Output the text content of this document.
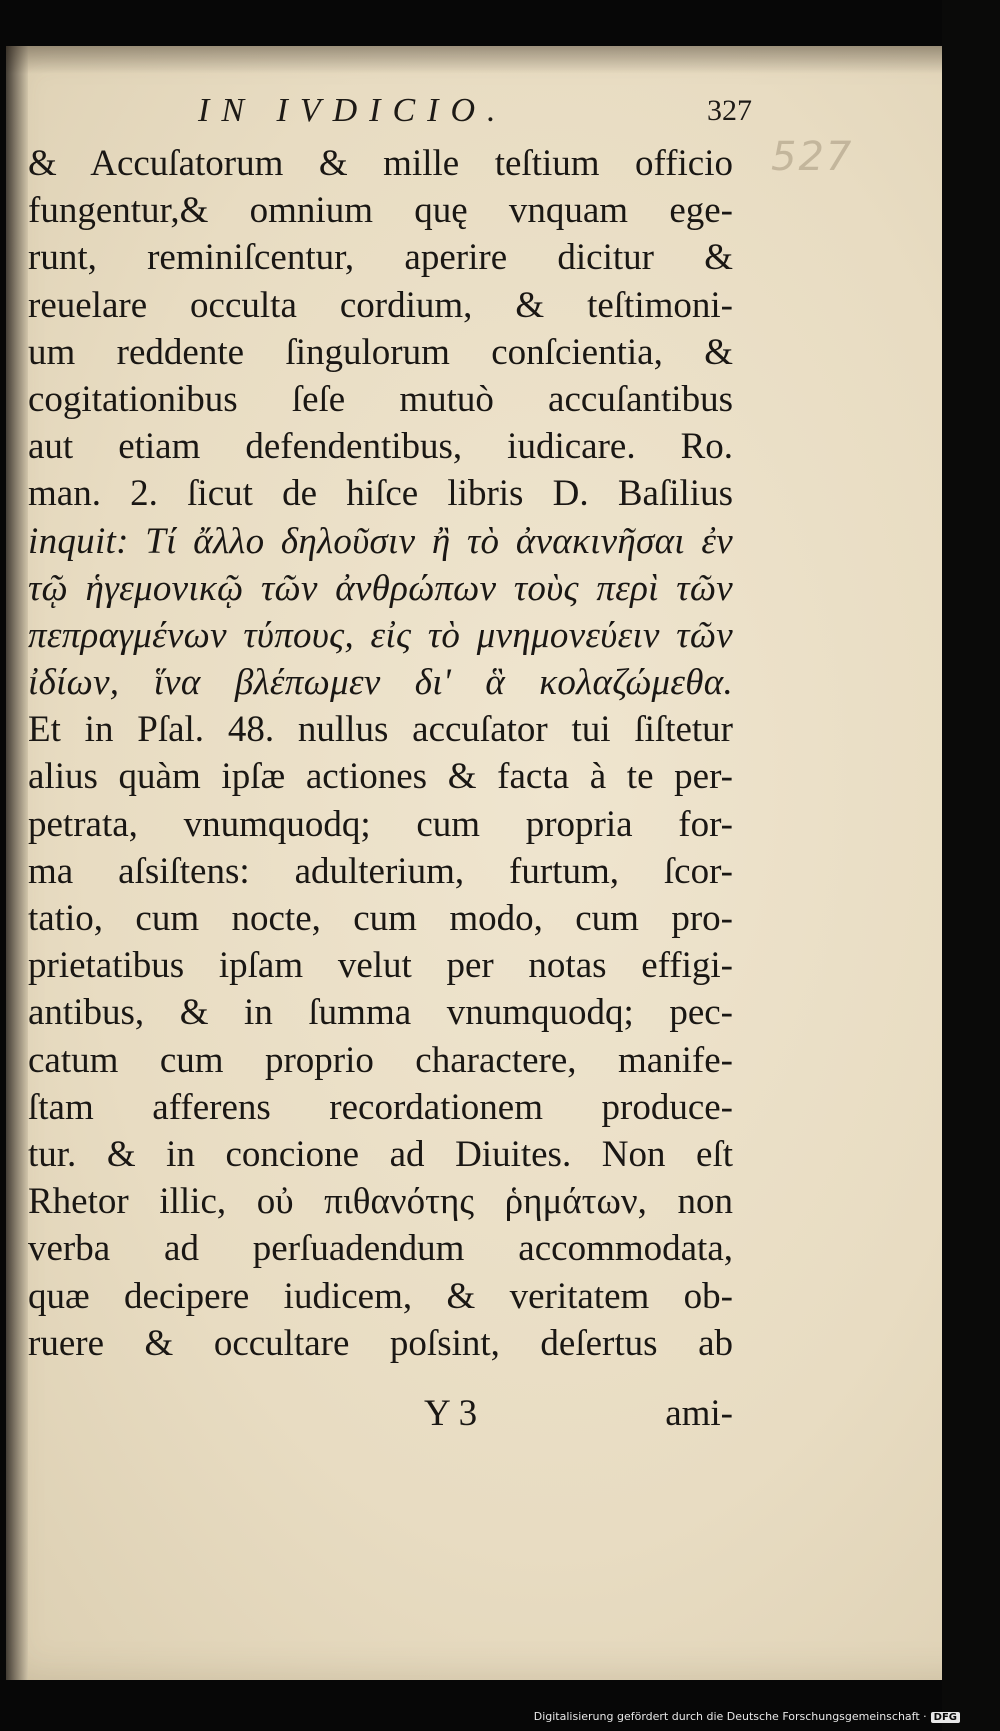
527
IN IVDICIO.	327
& Accuſatorum & mille teſtium officio
fungentur,& omnium quę vnquam ege-
runt, reminiſcentur, aperire dicitur &
reuelare occulta cordium, & teſtimoni-
um reddente ſingulorum conſcientia, &
cogitationibus ſeſe mutuò accuſantibus
aut etiam defendentibus, iudicare. Ro.
man. 2. ſicut de hiſce libris D. Baſilius
inquit: Τί ἄλλο δηλοῦσιν ἢ τὸ ἀνακινῆσαι ἐν
τῷ ἡγεμονικῷ τῶν ἀνθρώπων τοὺς περὶ τῶν
πεπραγμένων τύπους, εἰς τὸ μνημονεύειν τῶν
ἰδίων, ἵνα βλέπωμεν δι' ἃ κολαζώμεθα.
Et in Pſal. 48. nullus accuſator tui ſiſtetur
alius quàm ipſæ actiones & facta à te per-
petrata, vnumquodq; cum propria for-
ma aſsiſtens: adulterium, furtum, ſcor-
tatio, cum nocte, cum modo, cum pro-
prietatibus ipſam velut per notas effigi-
antibus, & in ſumma vnumquodq; pec-
catum cum proprio charactere, manife-
ſtam afferens recordationem produce-
tur. & in concione ad Diuites. Non eſt
Rhetor illic, οὐ πιθανότης ῥημάτων, non
verba ad perſuadendum accommodata,
quæ decipere iudicem, & veritatem ob-
ruere & occultare poſsint, deſertus ab
Y 3	ami-
Digitalisierung gefördert durch die Deutsche Forschungsgemeinschaft · DFG
